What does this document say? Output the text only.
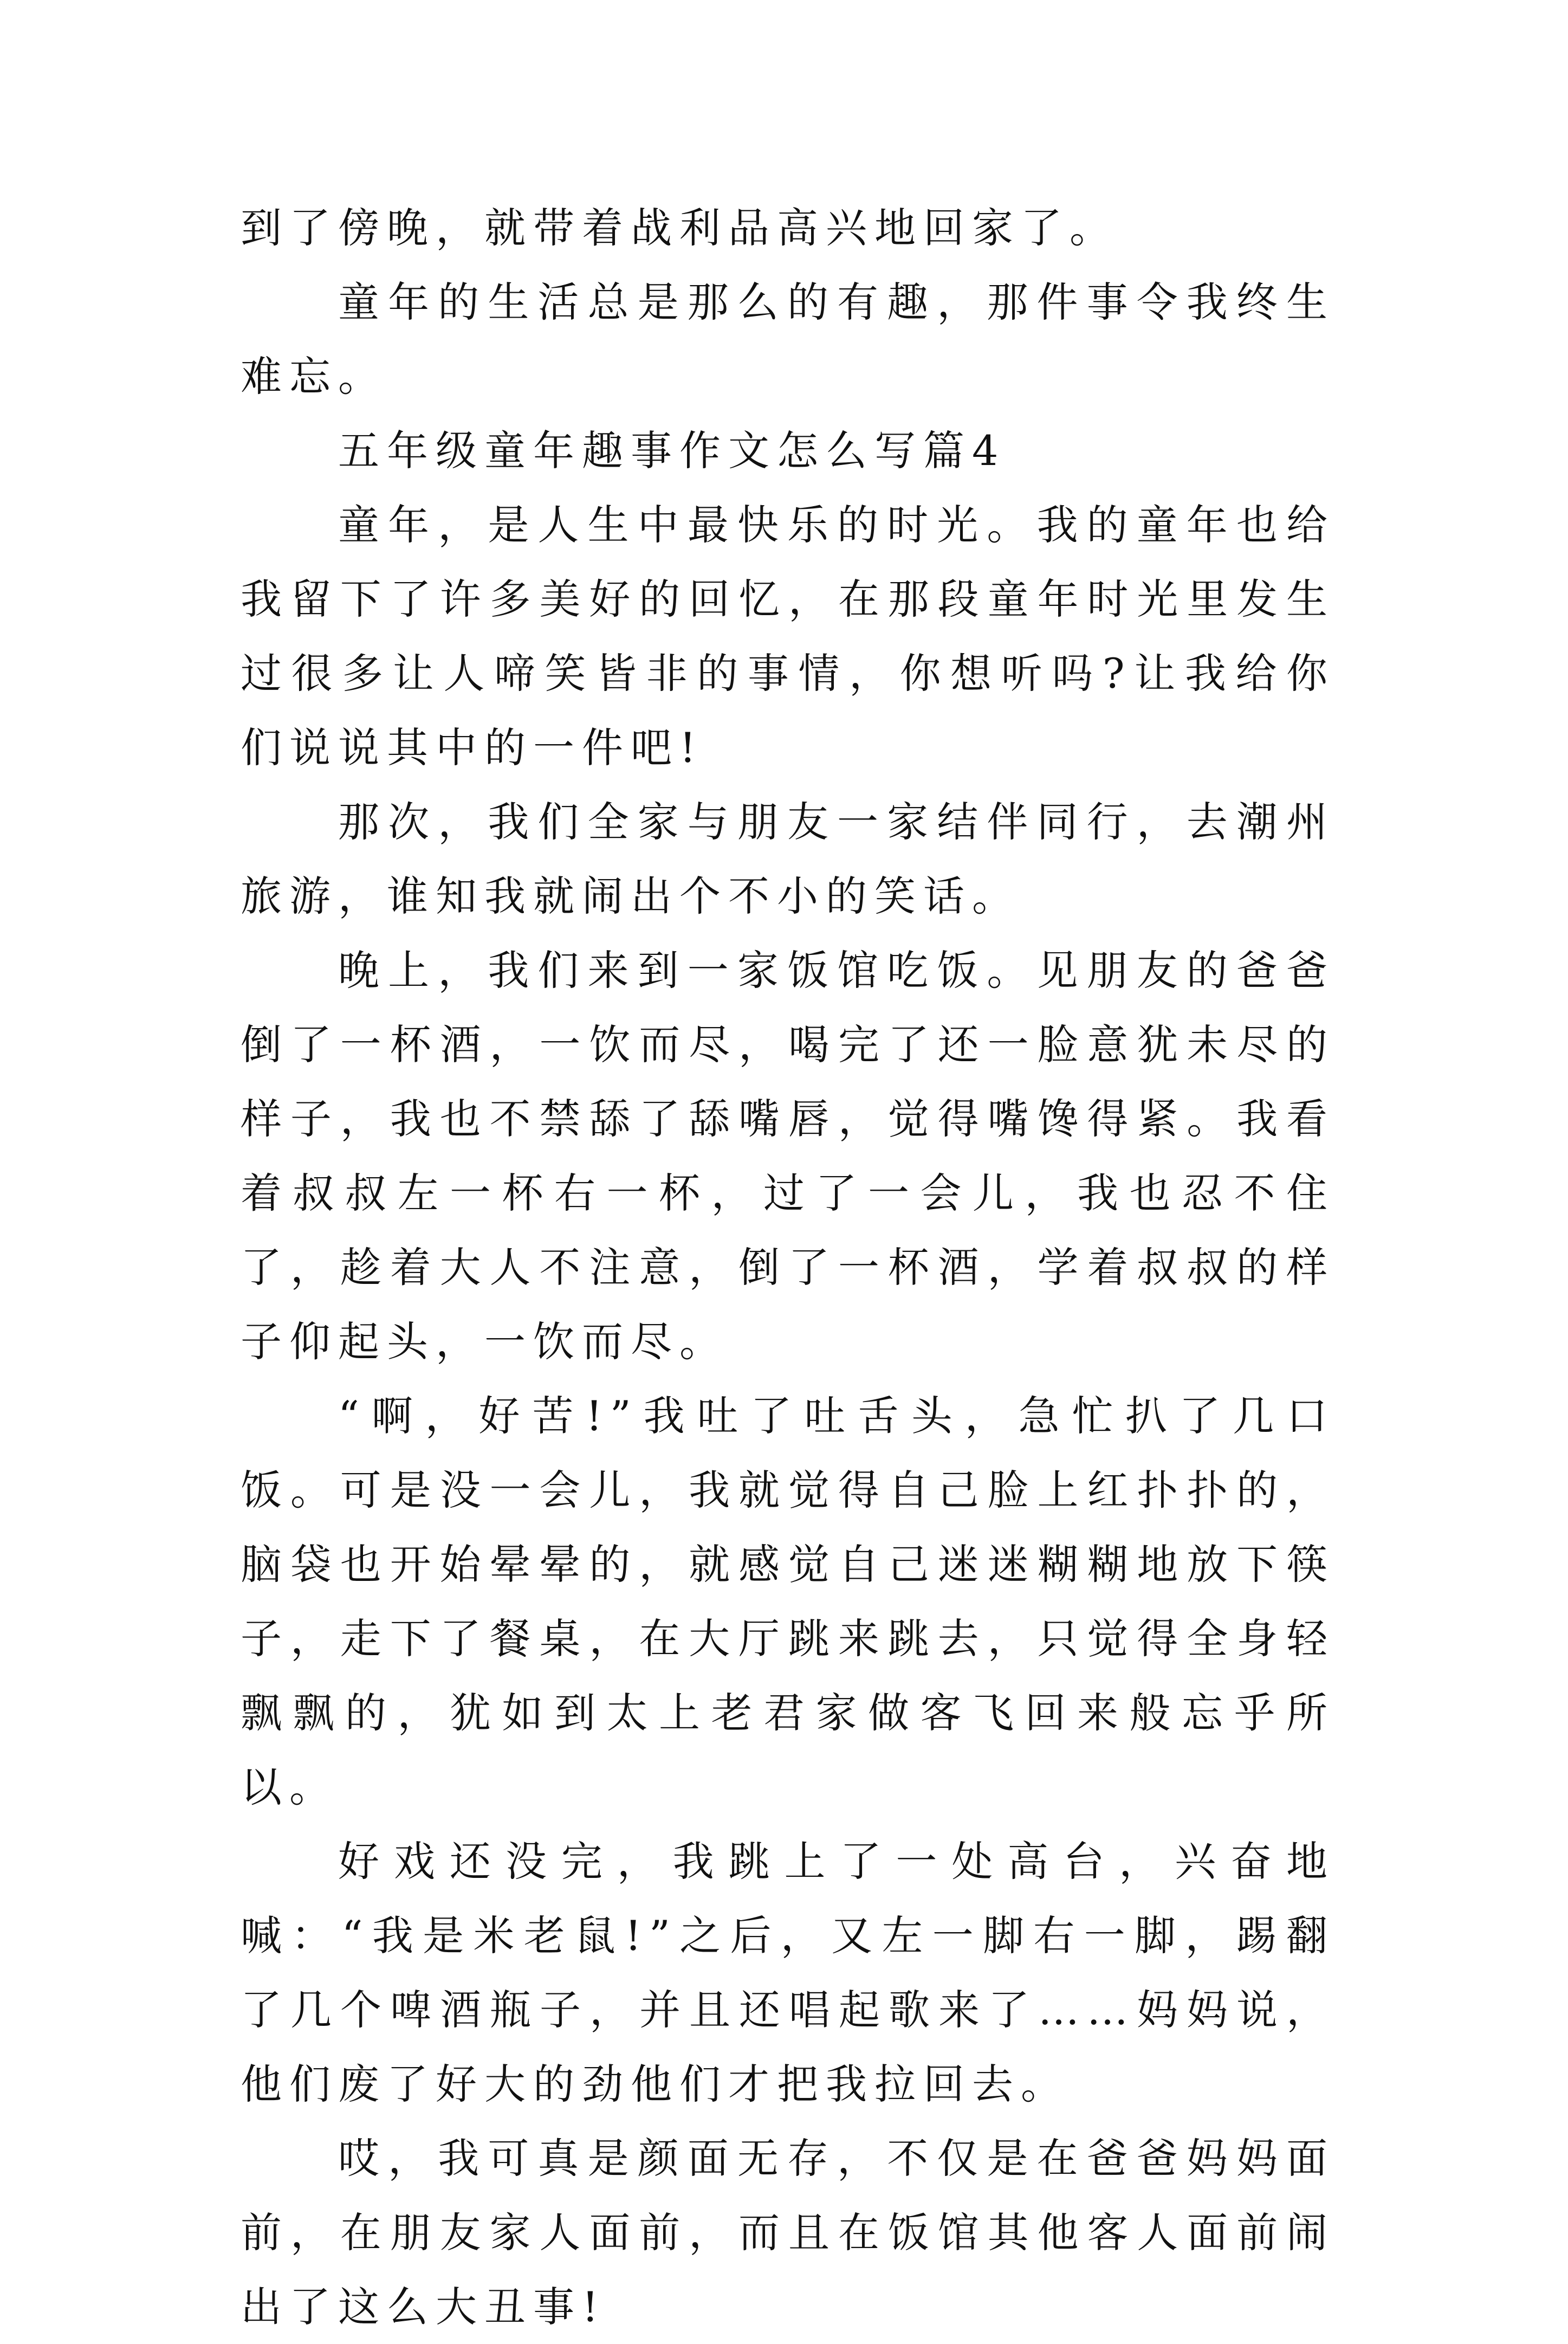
到了傍晚，就带着战利品高兴地回家了。

童年的生活总是那么的有趣，那件事令我终生难忘。

五年级童年趣事作文怎么写篇4

童年，是人生中最快乐的时光。我的童年也给我留下了许多美好的回忆，在那段童年时光里发生过很多让人啼笑皆非的事情，你想听吗?让我给你们说说其中的一件吧!

那次，我们全家与朋友一家结伴同行，去潮州旅游，谁知我就闹出个不小的笑话。

晚上，我们来到一家饭馆吃饭。见朋友的爸爸倒了一杯酒，一饮而尽，喝完了还一脸意犹未尽的样子，我也不禁舔了舔嘴唇，觉得嘴馋得紧。我看着叔叔左一杯右一杯，过了一会儿，我也忍不住了，趁着大人不注意，倒了一杯酒，学着叔叔的样子仰起头，一饮而尽。

“啊，好苦!”我吐了吐舌头，急忙扒了几口饭。可是没一会儿，我就觉得自己脸上红扑扑的，脑袋也开始晕晕的，就感觉自己迷迷糊糊地放下筷子，走下了餐桌，在大厅跳来跳去，只觉得全身轻飘飘的，犹如到太上老君家做客飞回来般忘乎所以。

好戏还没完，我跳上了一处高台，兴奋地喊：“我是米老鼠!”之后，又左一脚右一脚，踢翻了几个啤酒瓶子，并且还唱起歌来了……妈妈说，他们废了好大的劲他们才把我拉回去。

哎，我可真是颜面无存，不仅是在爸爸妈妈面前，在朋友家人面前，而且在饭馆其他客人面前闹出了这么大丑事!
